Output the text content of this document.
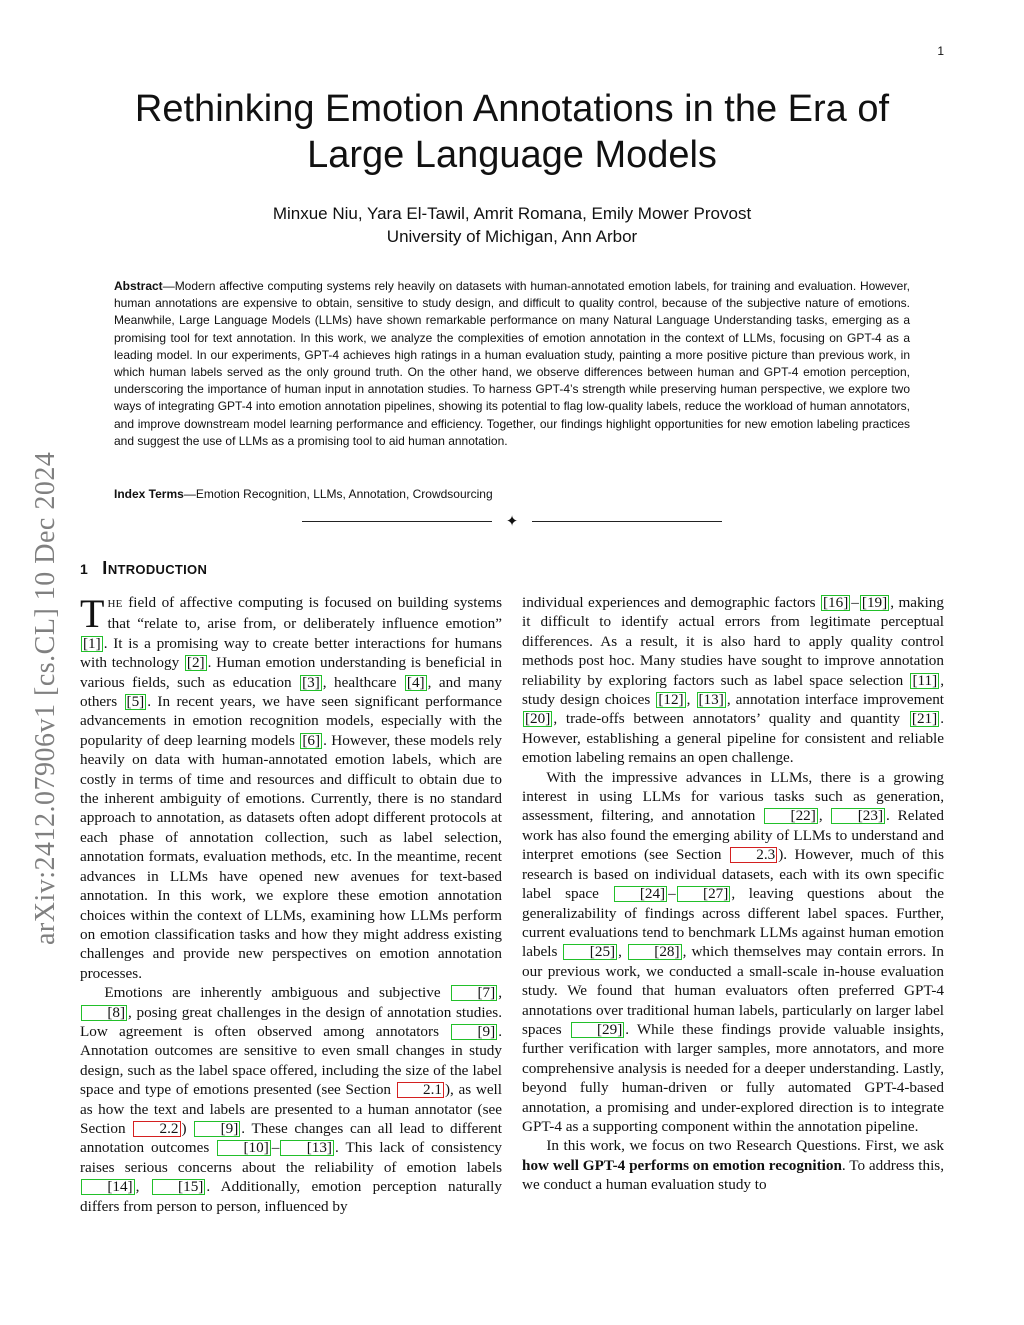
1
arXiv:2412.07906v1 [cs.CL] 10 Dec 2024
Rethinking Emotion Annotations in the Era of
Large Language Models
Minxue Niu, Yara El-Tawil, Amrit Romana, Emily Mower Provost
University of Michigan, Ann Arbor

Abstract—Modern affective computing systems rely heavily on datasets with human-annotated emotion labels, for training and evaluation. However, human annotations are expensive to obtain, sensitive to study design, and difficult to quality control, because of the subjective nature of emotions. Meanwhile, Large Language Models (LLMs) have shown remarkable performance on many Natural Language Understanding tasks, emerging as a promising tool for text annotation. In this work, we analyze the complexities of emotion annotation in the context of LLMs, focusing on GPT-4 as a leading model. In our experiments, GPT-4 achieves high ratings in a human evaluation study, painting a more positive picture than previous work, in which human labels served as the only ground truth. On the other hand, we observe differences between human and GPT-4 emotion perception, underscoring the importance of human input in annotation studies. To harness GPT-4’s strength while preserving human perspective, we explore two ways of integrating GPT-4 into emotion annotation pipelines, showing its potential to flag low-quality labels, reduce the workload of human annotators, and improve downstream model learning performance and efficiency. Together, our findings highlight opportunities for new emotion labeling practices and suggest the use of LLMs as a promising tool to aid human annotation.

Index Terms—Emotion Recognition, LLMs, Annotation, Crowdsourcing

✦
1 INTRODUCTION

THE field of affective computing is focused on building systems that “relate to, arise from, or deliberately influence emotion” [1] . It is a promising way to create better interactions for humans with technology [2] . Human emotion understanding is beneficial in various fields, such as education [3] , healthcare [4] , and many others [5] . In recent years, we have seen significant performance advancements in emotion recognition models, especially with the popularity of deep learning models [6] . However, these models rely heavily on data with human-annotated emotion labels, which are costly in terms of time and resources and difficult to obtain due to the inherent ambiguity of emotions. Currently, there is no standard approach to annotation, as datasets often adopt different protocols at each phase of annotation collection, such as label selection, annotation formats, evaluation methods, etc. In the meantime, recent advances in LLMs have opened new avenues for text-based annotation. In this work, we explore these emotion annotation choices within the context of LLMs, examining how LLMs perform on emotion classification tasks and how they might address existing challenges and provide new perspectives on emotion annotation processes.

Emotions are inherently ambiguous and subjective [7] , [8] , posing great challenges in the design of annotation studies. Low agreement is often observed among annotators [9] . Annotation outcomes are sensitive to even small changes in study design, such as the label space offered, including the size of the label space and type of emotions presented (see Section 2.1 ), as well as how the text and labels are presented to a human annotator (see Section 2.2 ) [9] . These changes can all lead to different annotation outcomes [10] – [13] . This lack of consistency raises serious concerns about the reliability of emotion labels [14] , [15] . Additionally, emotion perception naturally differs from person to person, influenced by

individual experiences and demographic factors [16] – [19] , making it difficult to identify actual errors from legitimate perceptual differences. As a result, it is also hard to apply quality control methods post hoc. Many studies have sought to improve annotation reliability by exploring factors such as label space selection [11] , study design choices [12] , [13] , annotation interface improvement [20] , trade-offs between annotators’ quality and quantity [21] . However, establishing a general pipeline for consistent and reliable emotion labeling remains an open challenge.

With the impressive advances in LLMs, there is a growing interest in using LLMs for various tasks such as generation, assessment, filtering, and annotation [22] , [23] . Related work has also found the emerging ability of LLMs to understand and interpret emotions (see Section 2.3 ). However, much of this research is based on individual datasets, each with its own specific label space [24] – [27] , leaving questions about the generalizability of findings across different label spaces. Further, current evaluations tend to benchmark LLMs against human emotion labels [25] , [28] , which themselves may contain errors. In our previous work, we conducted a small-scale in-house evaluation study. We found that human evaluators often preferred GPT-4 annotations over traditional human labels, particularly on larger label spaces [29] . While these findings provide valuable insights, further verification with larger samples, more annotators, and more comprehensive analysis is needed for a deeper understanding. Lastly, beyond fully human-driven or fully automated GPT-4-based annotation, a promising and under-explored direction is to integrate GPT-4 as a supporting component within the annotation pipeline.

In this work, we focus on two Research Questions. First, we ask how well GPT-4 performs on emotion recognition. To address this, we conduct a human evaluation study to
